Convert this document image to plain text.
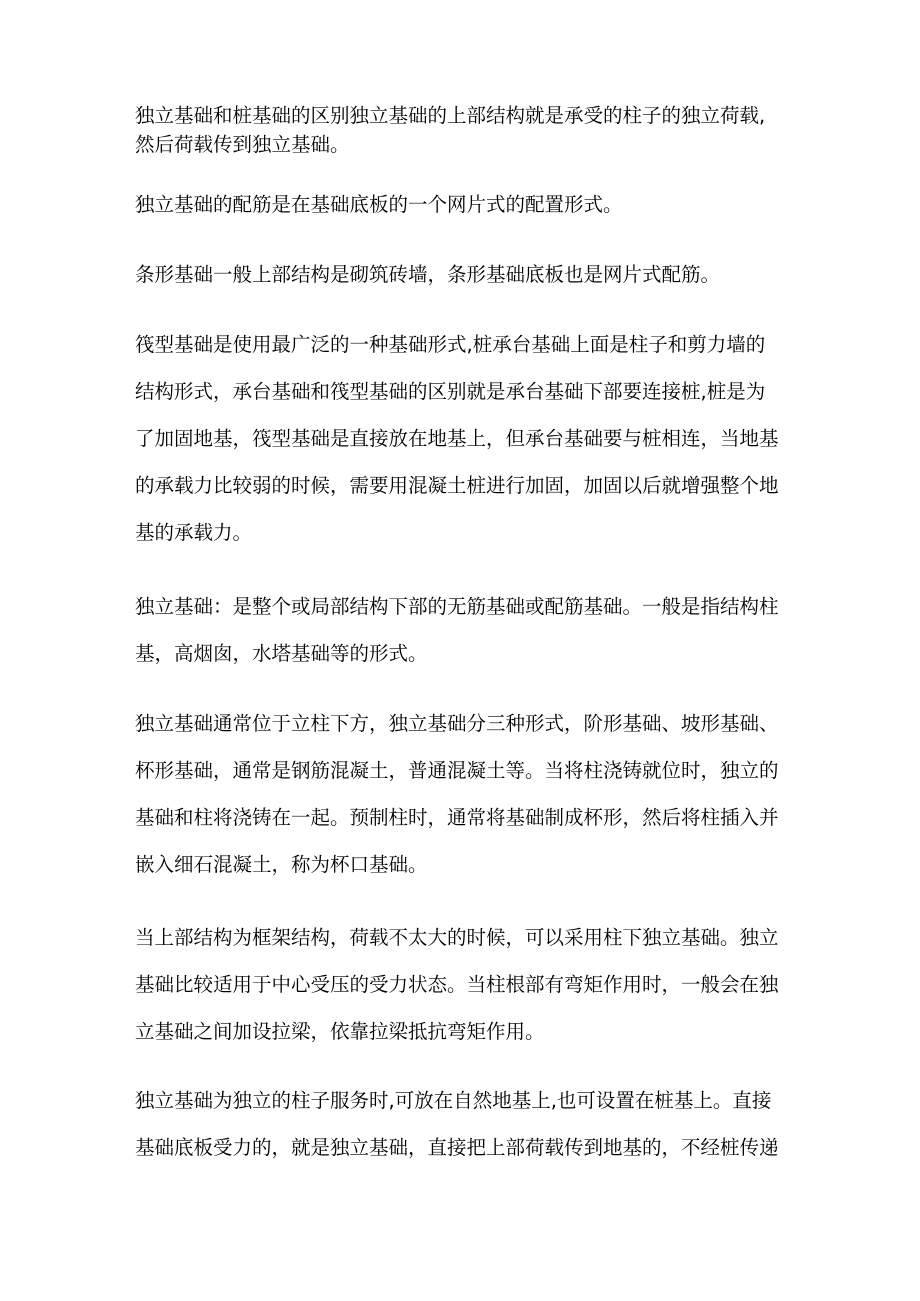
独立基础和桩基础的区别独立基础的上部结构就是承受的柱子的独立荷载,
然后荷载传到独立基础。

独立基础的配筋是在基础底板的一个网片式的配置形式。

条形基础一般上部结构是砌筑砖墙，条形基础底板也是网片式配筋。

筏型基础是使用最广泛的一种基础形式,桩承台基础上面是柱子和剪力墙的
结构形式，承台基础和筏型基础的区别就是承台基础下部要连接桩,桩是为
了加固地基，筏型基础是直接放在地基上，但承台基础要与桩相连，当地基
的承载力比较弱的时候，需要用混凝土桩进行加固，加固以后就增强整个地
基的承载力。

独立基础：是整个或局部结构下部的无筋基础或配筋基础。一般是指结构柱
基，高烟囱，水塔基础等的形式。

独立基础通常位于立柱下方，独立基础分三种形式，阶形基础、坡形基础、
杯形基础，通常是钢筋混凝土，普通混凝土等。当将柱浇铸就位时，独立的
基础和柱将浇铸在一起。预制柱时，通常将基础制成杯形，然后将柱插入并
嵌入细石混凝土，称为杯口基础。

当上部结构为框架结构，荷载不太大的时候，可以采用柱下独立基础。独立
基础比较适用于中心受压的受力状态。当柱根部有弯矩作用时，一般会在独
立基础之间加设拉梁，依靠拉梁抵抗弯矩作用。

独立基础为独立的柱子服务时,可放在自然地基上,也可设置在桩基上。直接
基础底板受力的，就是独立基础，直接把上部荷载传到地基的，不经桩传递
